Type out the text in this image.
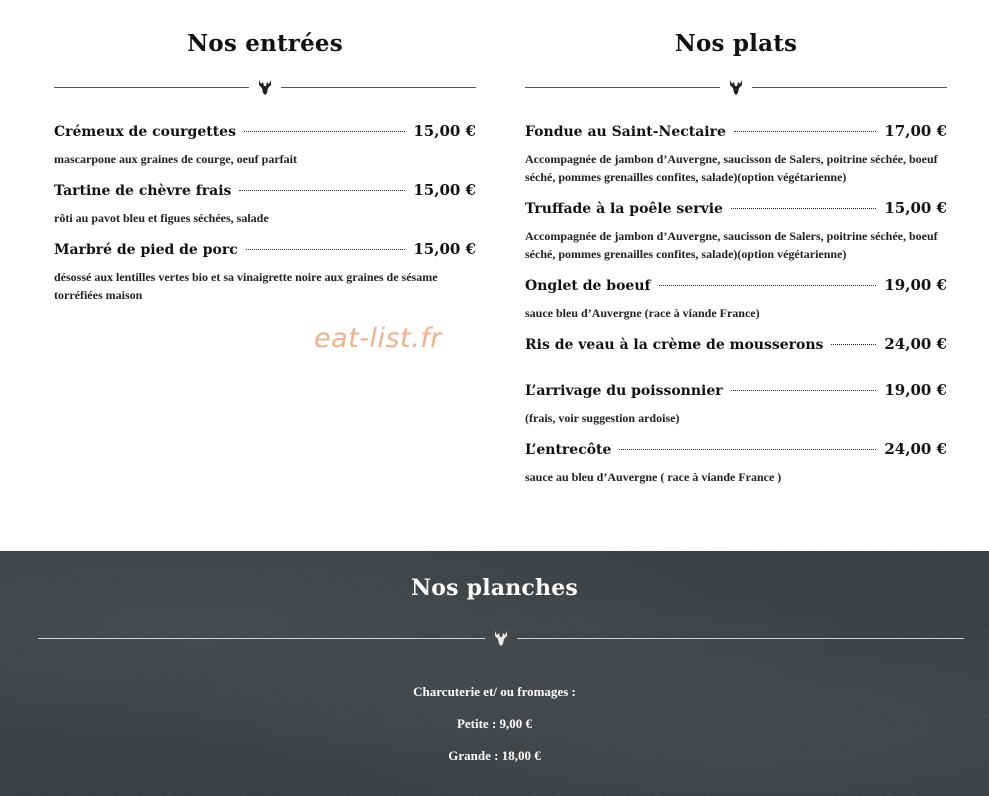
Nos entrées
Crémeux de courgettes	15,00 €
mascarpone aux graines de courge, oeuf parfait
Tartine de chèvre frais	15,00 €
rôti au pavot bleu et figues séchées, salade
Marbré de pied de porc	15,00 €
désossé aux lentilles vertes bio et sa vinaigrette noire aux graines de sésame torréfiées maison
Nos plats
Fondue au Saint-Nectaire	17,00 €
Accompagnée de jambon d’Auvergne, saucisson de Salers, poitrine séchée, boeuf séché, pommes grenailles confites, salade)(option végétarienne)
Truffade à la poêle servie	15,00 €
Accompagnée de jambon d’Auvergne, saucisson de Salers, poitrine séchée, boeuf séché, pommes grenailles confites, salade)(option végétarienne)
Onglet de boeuf	19,00 €
sauce bleu d’Auvergne (race à viande France)
Ris de veau à la crème de mousserons	24,00 €
L’arrivage du poissonnier	19,00 €
(frais, voir suggestion ardoise)
L’entrecôte	24,00 €
sauce au bleu d’Auvergne ( race à viande France )
eat-list.fr
Nos planches
Charcuterie et/ ou fromages :
Petite : 9,00 €
Grande : 18,00 €
